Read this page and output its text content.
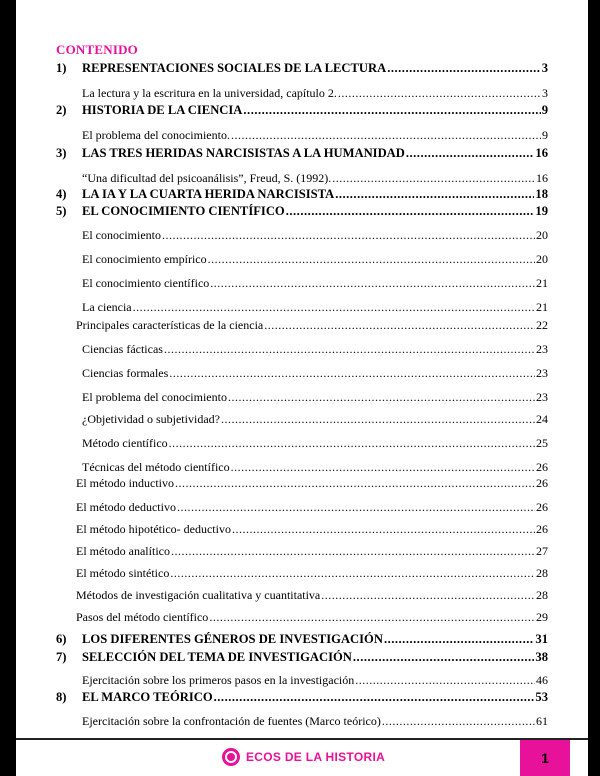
CONTENIDO
1)	REPRESENTACIONES SOCIALES DE LA LECTURA .....	3
La lectura y la escritura en la universidad, capítulo 2. .....	3
2)	HISTORIA DE LA CIENCIA .....	9
El problema del conocimiento. .....	9
3)	LAS TRES HERIDAS NARCISISTAS A LA HUMANIDAD .....	16
“Una dificultad del psicoanálisis”, Freud, S. (1992). .....	16
4)	LA IA Y LA CUARTA HERIDA NARCISISTA .....	18
5)	EL CONOCIMIENTO CIENTÍFICO .....	19
El conocimiento .....	20
El conocimiento empírico .....	20
El conocimiento científico .....	21
La ciencia .....	21
Principales características de la ciencia .....	22
Ciencias fácticas .....	23
Ciencias formales .....	23
El problema del conocimiento .....	23
¿Objetividad o subjetividad? .....	24
Método científico .....	25
Técnicas del método científico .....	26
El método inductivo .....	26
El método deductivo .....	26
El método hipotético- deductivo .....	26
El método analítico .....	27
El método sintético .....	28
Métodos de investigación cualitativa y cuantitativa .....	28
Pasos del método científico .....	29
6)	LOS DIFERENTES GÉNEROS DE INVESTIGACIÓN .....	31
7)	SELECCIÓN DEL TEMA DE INVESTIGACIÓN .....	38
Ejercitación sobre los primeros pasos en la investigación .....	46
8)	EL MARCO TEÓRICO .....	53
Ejercitación sobre la confrontación de fuentes (Marco teórico) .....	61
ECOS DE LA HISTORIA	1
